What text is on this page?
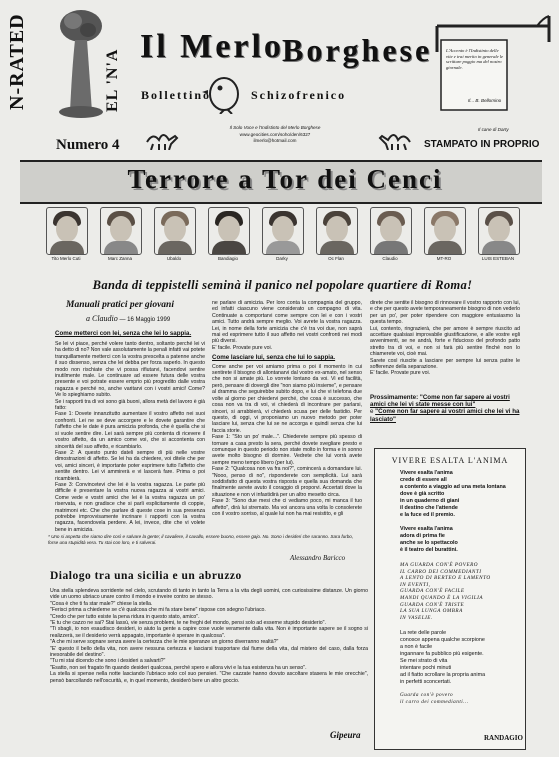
N-RATED	EL 'N'A
Il Merlo
Borghese
Bollettino	Schizofrenico
L'Accento è l'Indistinto delle vite e trai merito in generale le scritture poggio ma del nostro giornale.
Il... B. Bellomino
Numero 4
Il Solo Voce e l'Indistinto del Merlo Borghese
www.geocities.com/soho/den/6327
ilmerlo@hotmail.com
Il cane di Darty
STAMPATO IN PROPRIO
Terrore a Tor dei Cenci
Tito Merlo Cuti	Marc Zanna	Ubaldo	Bandiagio	Darky	Oc Flan	Claudio	MT-RO	LUIS ESTEBAN
Banda di teppistelli seminà il panico nel popolare quartiere di Roma!
Manuali pratici per giovani
a Claudio — 16 Maggio 1999
Come metterci con lei, senza che lei lo sappia.
Se lei vi piace, perché volere tanto dentro, soltanto perché lei vi ha detto di no? Non vale assolutamente la penali infatti vai potete tranquillamente metterci con la vostra prescelta a patenne anche il suo dissenso, senza che lei debba per forza saperlo. In questo modo non rischiate che vi possa rifiutarvi, facendovi sentire inutilmente male. Le continuare ad essere futura delle vostra presente e voi potrate essere emprio più progredito dalle vostra ragazza e perché no, anche varitarvi con i vostri amici! Come? Ve lo spieghiamo subito.
Se i rapporti tra di voi sono già buoni, allora metà del lavoro è già fatto:
Fase 1: Dovete innanzitutto aumentare il vostro affetto nei suoi confronti. Lei ne se deve accorgere e le dovete garantire che l'affetto che le date è pura amicizia profonda, che è quella che si si vuole sentire dire. Lei sarà sempre più contenta di ricevere il vostro affetto, da un amico come voi, che si accontenta con sincerità del suo affetto, e ricambiarlo.
Fase 2: A questo punto dateli sempre di più nelle vostre dimostrazioni di affetto. Se lei ha da chiedere, voi ditele che per voi, amici sinceri, è importante poter esprimere tutto l'affetto che sentite dentro. Lei vi ammirerà e vi lascerà fare. Prima o poi ricambierà.
Fase 3: Convincetevi che lei è la vostra ragazza. Le parte più difficile è presentare la vostra nuova ragazza ai vostri amici. Come vede e vostri amici che lei è la vostra ragazza un po' riservata, e non gradisce che si parli esplicitamente di coppie, matrimoni etc. Che che parlare di queste cose in sua presenza potrebbe improvvisamente incrinare i rapporti con la vostra ragazza, facendovela perdere. A lei, invece, dite che vi volete bene in amicizia.
ne parlare di amicizia. Per loro conta la compagnia del gruppo, ed infatti ciascuno viene considerato un compagno di vita. Continuate a comportarvi come sempre con lei e con i vostri amici. Tutto andrà sempre meglio. Voi avrete la vostra ragazza. Lei, in nome della forte amicizia che c'è tra voi due, non saprà mai ed esprimere tutto il suo affetto nei vostri confronti nei modi più diversi.
E' facile. Provate pure voi.
Come lasciare lui, senza che lui lo sappia.
Come anche per voi amiamo prima o poi il momento in cui sentirete il bisogno di allontanarvi dal vostro ex-amato, nel senso che non si amate più. Lo vorrete lontano da voi. Vi ed facilità, però, pensare di dovergli dire "non siamo più insieme", e pensare al dramma che seguirebbe subito dopo, e lui che vi telefona due volte al giorno per chiedervi perché, che cosa è successo, che cosa non va tra di voi, vi chiederà di incontrare per parlarsi, sinceri, si arrabbierà, vi chiederà scusa per delle fastidio. Per questo, di oggi, vi proponiamo un nuovo metodo per poter lasciare lui, senza che lui se ne accorga e quindi senza che lui faccia storie.
Fase 1: "Sto un po' male...". Chiederete sempre più spesso di tornare a casa presto la sera, perché dovete svegliare presto e comunque in questo periodo non state molto in forma e in sonno avete molto bisogno di dormire. Vedrete che lui vorrà avete sempre meno tempo libero (per lui).
Fase 2: "Qualcosa non va fra noi?", comincerà a domandare lui. "Nooo, penso di no", risponderete con semplicità. Lui sarà soddisfatto di questa vostra risposta e quella sua domanda che finalmente avrete avuto il coraggio di proporvi. Accertati dove la situazione e non vi infastidirà per un altro mesetto circa.
Fase 3: "Sono due mesi che ci vediamo poco, mi manca il tuo affetto", dirà lui stremato. Ma voi ancora una volta lo consolerete con il vostro sorriso, al quale lui non ha mai resistito, e gli
direte che sentite il bisogno di rinnovare il vostro rapporto con lui, e che per questo avete temporaneamente bisogno di non vederlo per un po', per poter ripendere con maggiore entusiasmo la questa tempo.
Lui, contento, ringrazierà, che per amore è sempre riuscito ad accettare qualsiasi improvabile giustificazione, e alle vostre egli avvenimenti, se ne andrà, forte e fiducioso del profondo patto stretto tra di voi, e non si farà più sentire finché non lo chiamerete voi, cioè mai.
Sarete così riuscite a lasciare per sempre lui senza patire le sofferenze della separazione.
E' facile. Provate pure voi.
Prossimamente: "Come non far sapere ai vostri amici che lei vi state messe con lui"
e "Come non far sapere ai vostri amici che lei vi ha lasciato"
VIVERE ESALTA L'ANIMA
Vivere esalta l'anima
crede di essere all
a contento a viaggio ad una meta lontana
dove è già scritto
in un quaderno di giani
il destino che l'attende
e la fuce ed il premio.
Vivere esalta l'anima
adora di prima fie
anche se lo spettacolo
è il teatro del burattini.
MA GUARDA CON'È POVERO
IL CARRO DEI COMMEDIANTI
A LENTO DI BERTEO E LAMENTO
IN EVENTI,
GUARDA CON'È FACILE
MANDI QUANDO È LA VIGILIA
GUARDA CON'È TRISTE
LA SUA LUNGA OMBRA
IN VASELIE.
La rete delle parole
conosce appena qualche scorpione
a non è facile
ingannare fa pubblico più esigente.
Se mei strato di vita
intentare pochi minuti
ad il fiatto scrollare la propria anima
in perfetti sconcertati.
Guarda con'è povero
il carro dei commedianti...
RANDAGIO
* Uno si aspetta che siamo dire così e salvare la gente; il cavaliere, il cavallo, essere buono, essere gajo. No. Sono i desideri che saranno. Sara furbo, forse una stupidità vera. Tu stai con loro, e ti salverai.
Alessandro Baricco
Dialogo tra una sicilia e un abruzzo
Una stella splendeva sorridente nel cielo, scrutando di tanto in tanto la Terra a la vita degli uomini, con curiosissime distanze. Un giorno vide un uomo ubriaco unare contro il mondo e inveire contro se stesso.
"Cosa è che ti fa star male?" chiese la stella.
"Ferisci prima a chiederne se c'è qualcosa che mi fa stare bene" rispose con sdegno l'ubriaco.
"Credo che per tutto esiste la pena ridura in questo stato, amico".
"E tu che cazzo ne sai? Stai lassù, vie senza problemi, te ne freghi del mondo, pensi solo ad esserne stupido desiderio".
"Ti sbagli, io non esaudisco desideri, io aiuto la gente a capire cose vuole veramente dalla vita. Non è importante sapere se il sogno si realizzerà, se il desiderio verrà appagato, importante è sperare in qualcosa".
"A che mi serve sognare senza avere la certezza che le mie speranze un giorno diverranno realtà?"
"E' questo il bello della vita, non avere nessuna certezza e lasciarsi trasportare dal fiume della vita, dal mistero del caso, dalla forza inesorabile del destino".
"Tu mi stai dicendo che sono i desideri a salvarti?"
"Esatto, non sei fragato fin quando desideri qualcosa, perché spero e allora vivi e la tua esistenza ha un senso".
La stella si spense nella notte lasciando l'ubriaco solo col suo pensieri. "Che cazzate hanno dovuto ascoltare stasera le mie orecchie", pensò barcollando nell'oscurità, e, in quel momento, desiderò bere un altro goccio.
Gipeura
